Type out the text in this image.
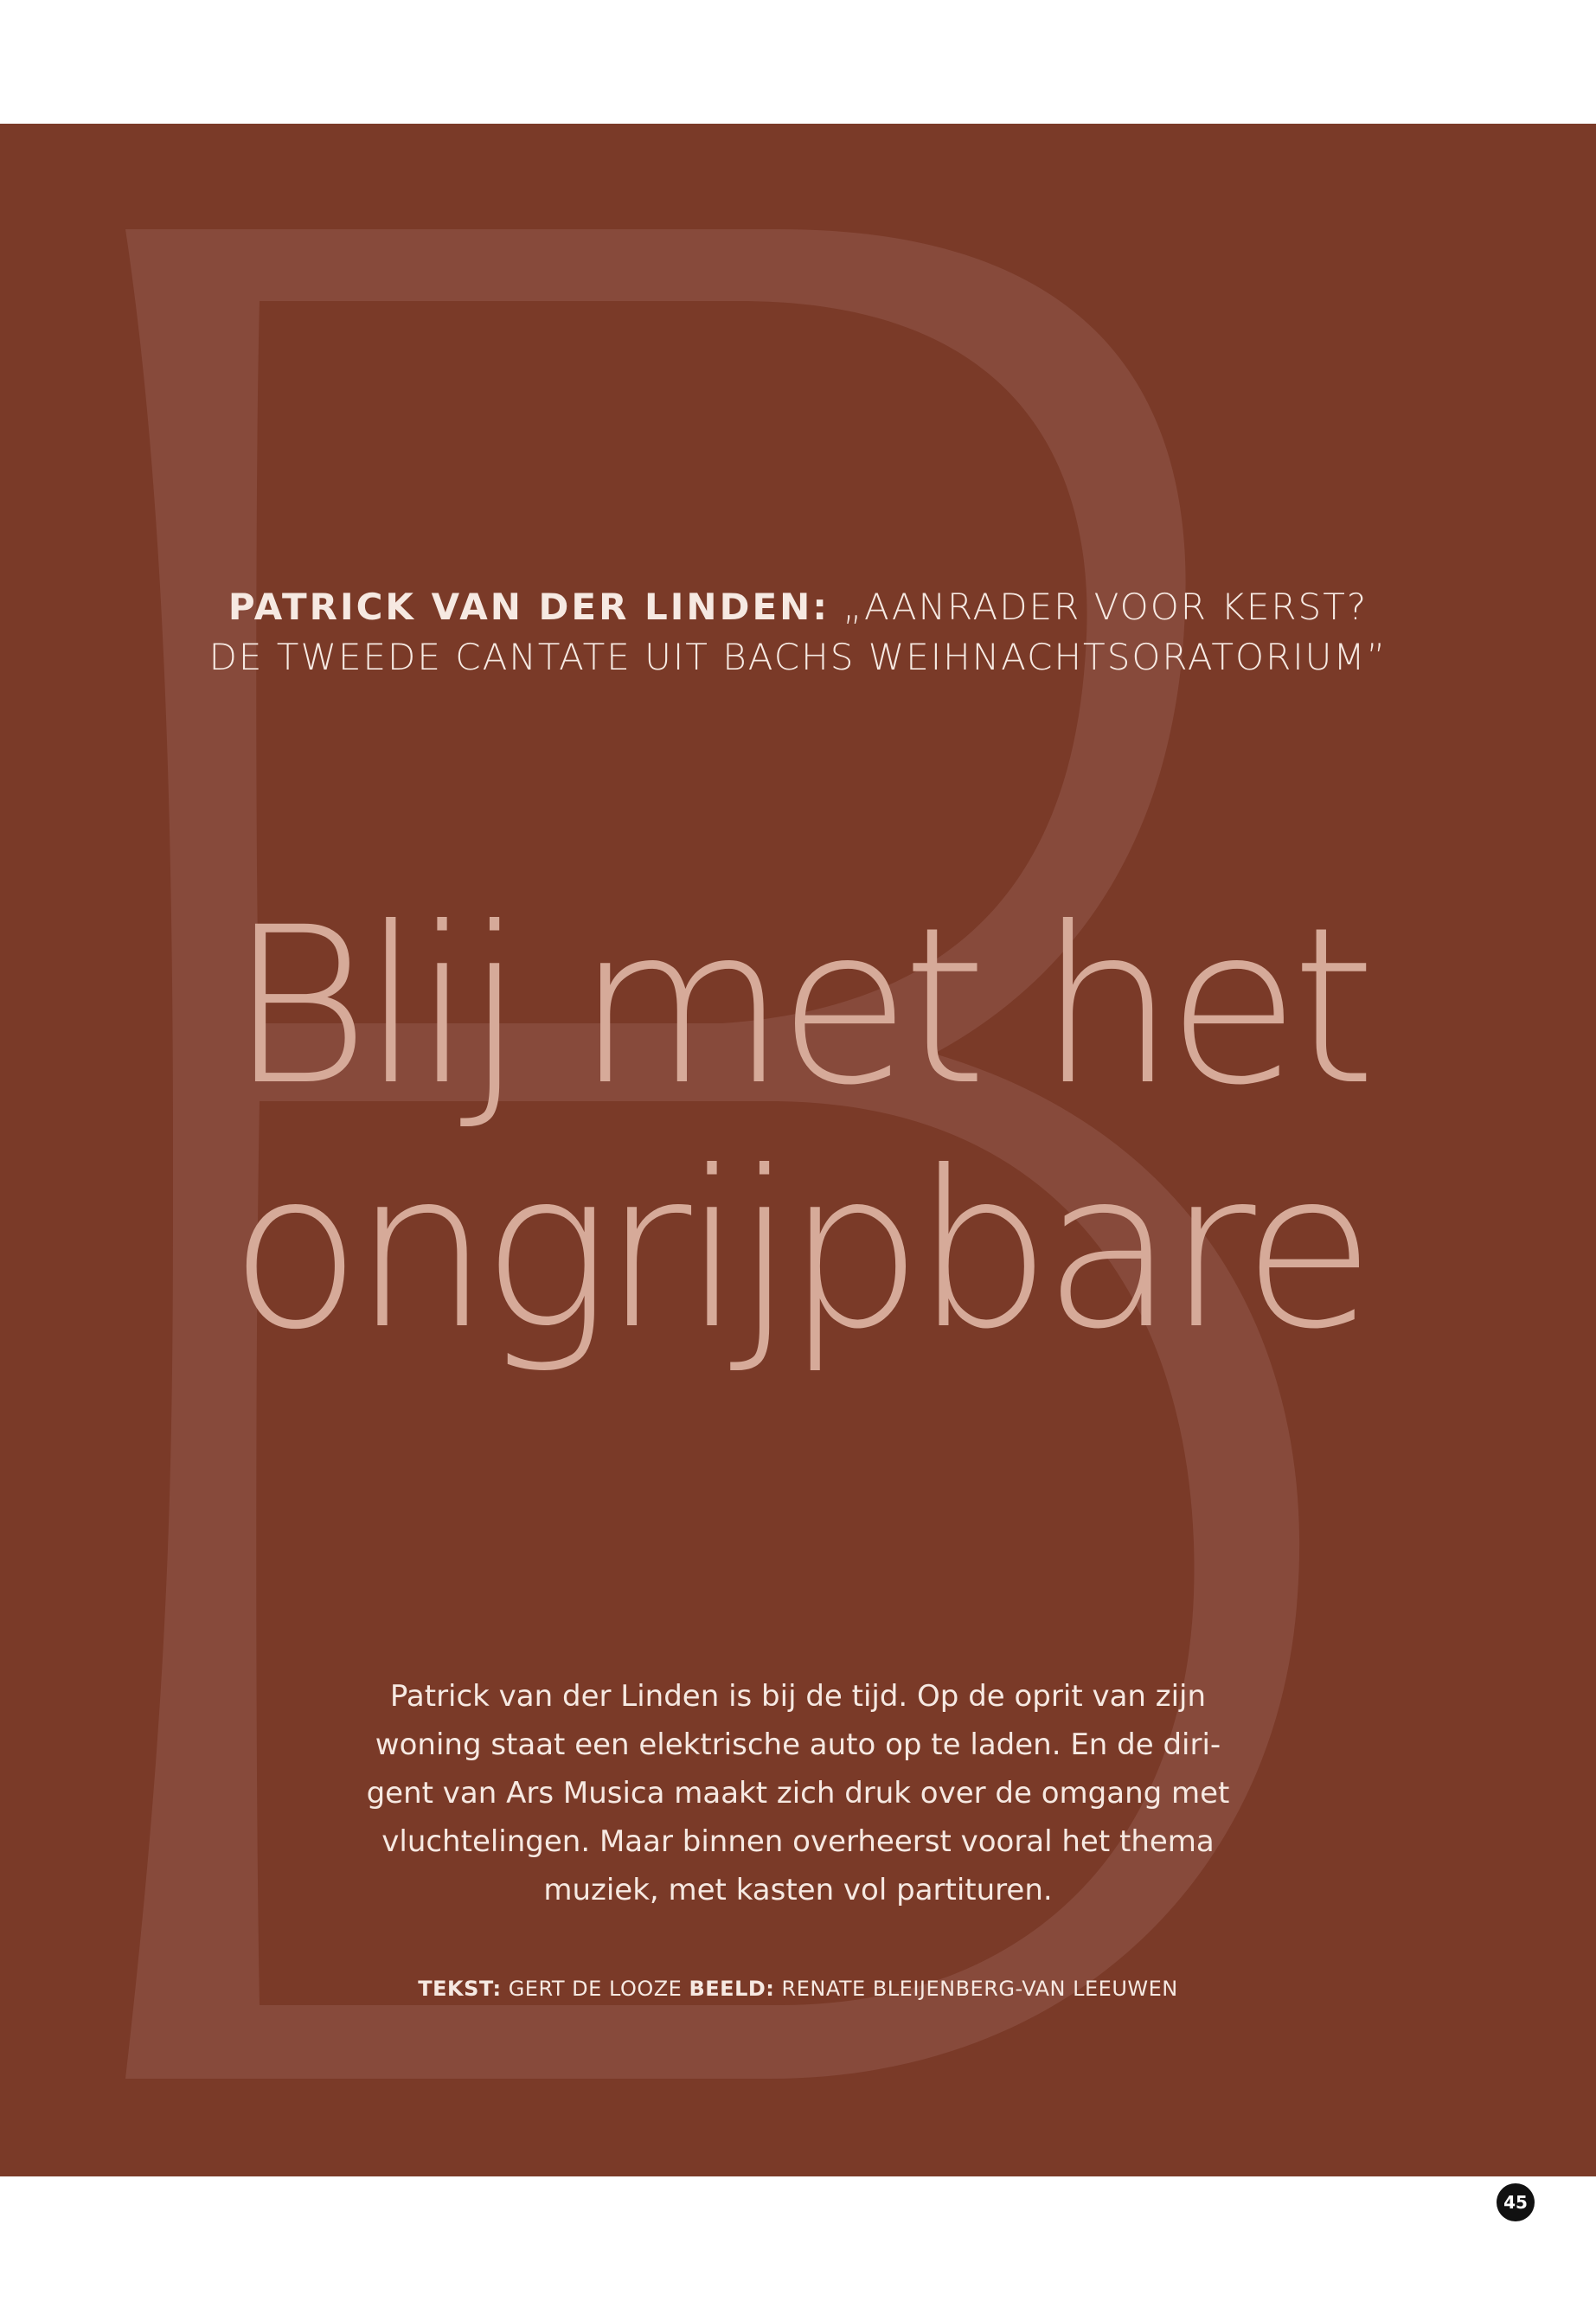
PATRICK VAN DER LINDEN: „AANRADER VOOR KERST?
DE TWEEDE CANTATE UIT BACHS WEIHNACHTSORATORIUM”
Blij met het
ongrijpbare

Patrick van der Linden is bij de tijd. Op de oprit van zijn woning staat een elektrische auto op te laden. En de diri-gent van Ars Musica maakt zich druk over de omgang met vluchtelingen. Maar binnen overheerst vooral het thema muziek, met kasten vol partituren.

TEKST: GERT DE LOOZE BEELD: RENATE BLEIJENBERG-VAN LEEUWEN
45
